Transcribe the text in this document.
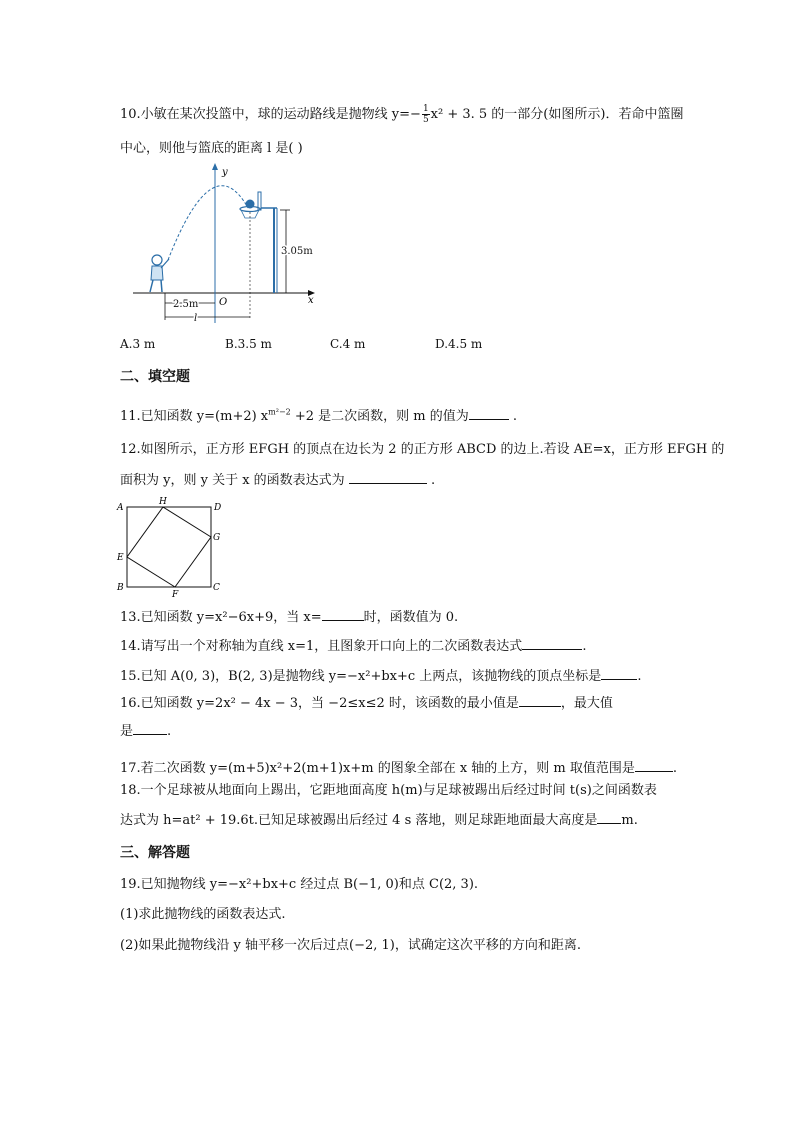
10.小敏在某次投篮中，球的运动路线是抛物线 $y=- \frac{1}{5} x^2 + 3$. 5 的一部分(如图所示)．若命中篮圈
中心，则他与篮底的距离 l 是( )
x
y
O
3.05m
2.5m
l
A.3 m	B.3.5 m	C.4 m	D.4.5 m
二、填空题
11.已知函数 y=(m+2) $x^{m^2-2} +2$ 是二次函数，则 m 的值为	.
12.如图所示，正方形 EFGH 的顶点在边长为 2 的正方形 ABCD 的边上.若设 AE=x，正方形 EFGH 的
面积为 y，则 y 关于 x 的函数表达式为	.
A
B	C
D
E
F
G
H
13.已知函数 y=x²−6x+9，当 x=	时，函数值为 0.
14.请写出一个对称轴为直线 x=1，且图象开口向上的二次函数表达式	.
15.已知 A(0, 3)，B(2, 3)是抛物线 y=−x²+bx+c 上两点，该抛物线的顶点坐标是	.
16.已知函数 y=2x² − 4x − 3，当 −2≤x≤2 时，该函数的最小值是	，最大值
是	.
17.若二次函数 y=(m+5)x²+2(m+1)x+m 的图象全部在 x 轴的上方，则 m 取值范围是	.
18.一个足球被从地面向上踢出，它距地面高度 h(m)与足球被踢出后经过时间 t(s)之间函数表
达式为 h=at² + 19.6t.已知足球被踢出后经过 4 s 落地，则足球距地面最大高度是 m.
三、解答题
19.已知抛物线 y=−x²+bx+c 经过点 B(−1, 0)和点 C(2, 3).
(1)求此抛物线的函数表达式.
(2)如果此抛物线沿 y 轴平移一次后过点(−2, 1)，试确定这次平移的方向和距离.
